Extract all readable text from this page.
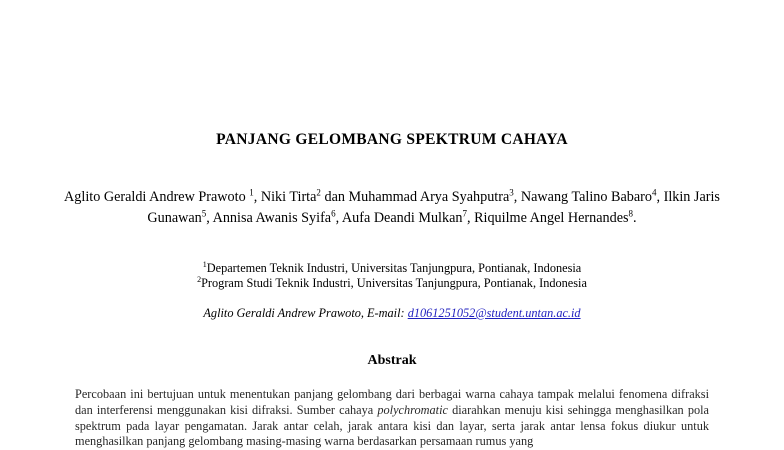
PANJANG GELOMBANG SPEKTRUM CAHAYA
Aglito Geraldi Andrew Prawoto $^1$, Niki Tirta$^2$ dan Muhammad Arya Syahputra$^3$, Nawang Talino Babaro$^4$, Ilkin Jaris Gunawan$^5$, Annisa Awanis Syifa$^6$, Aufa Deandi Mulkan$^7$, Riquilme Angel Hernandes$^8$.
$^1$Departemen Teknik Industri, Universitas Tanjungpura, Pontianak, Indonesia
$^2$Program Studi Teknik Industri, Universitas Tanjungpura, Pontianak, Indonesia
Aglito Geraldi Andrew Prawoto, E-mail: d1061251052@student.untan.ac.id
Abstrak

Percobaan ini bertujuan untuk menentukan panjang gelombang dari berbagai warna cahaya tampak melalui fenomena difraksi dan interferensi menggunakan kisi difraksi. Sumber cahaya polychromatic diarahkan menuju kisi sehingga menghasilkan pola spektrum pada layar pengamatan. Jarak antar celah, jarak antara kisi dan layar, serta jarak antar lensa fokus diukur untuk menghasilkan panjang gelombang masing-masing warna berdasarkan persamaan rumus yang
